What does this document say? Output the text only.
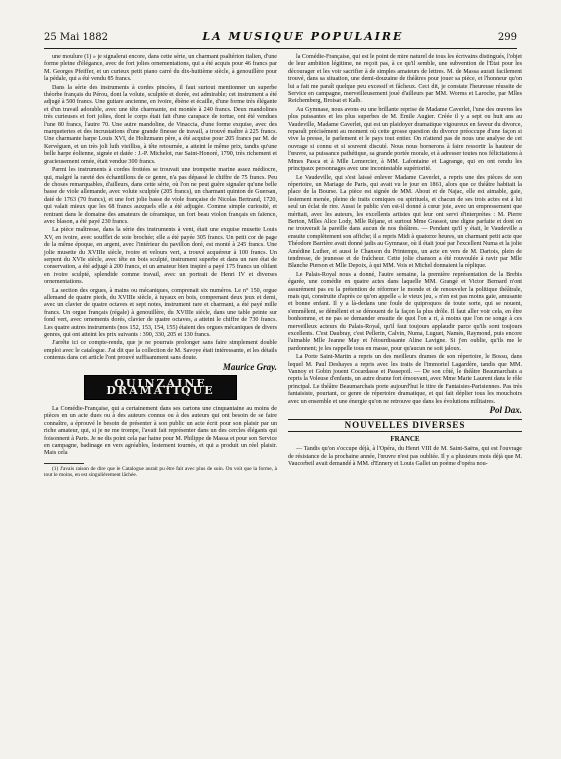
25 Mai 1882	LA MUSIQUE POPULAIRE	299

une moulure (1) » je signalerai encore, dans cette série, un charmant psaltérion italien, d'une forme pleine d'élégance, avec de fort jolies ornementations, qui a été acquis pour 46 francs par M. Georges Pfeiffer, et un curieux petit piano carré du dix-huitième siècle, à genouillère pour la pédale, qui a été vendu 85 francs.

Dans la série des instruments à cordes pincées, il faut surtout mentionner un superbe théorbe français du Pérou, dont la volute, sculptée et dorée, est admirable; cet instrument a été adjugé à 500 francs. Une guitare ancienne, en ivoire, ébène et écaille, d'une forme très élégante et d'un travail adorable, avec une tête charmante, est montée à 240 francs. Deux mandolines très curieuses et fort jolies, dont le corps était fait d'une carapace de tortue, ont été vendues l'une 80 francs, l'autre 70. Une autre mandoline, de Vinaccia, d'une forme exquise, avec des marqueteries et des incrustations d'une grande finesse de travail, a trouvé maître à 225 francs. Une charmante harpe Louis XVI, de Holtzmann père, a été acquise pour 205 francs par M. de Kervéguen, et un très joli luth vieilliss, à tête retournée, a atteint le même prix, tandis qu'une belle harpe éolienne, signée et datée : J.-P. Michelot, rue Saint-Honoré, 1790, très richement et gracieusement ornée, était vendue 300 francs.

Parmi les instruments à cordes frottées se trouvait une trompette marine assez médiocre, qui, malgré la rareté des échantillons de ce genre, n'a pas dépassé le chiffre de 75 francs. Peu de choses remarquables, d'ailleurs, dans cette série, où l'on ne peut guère signaler qu'une belle basse de viole allemande, avec volute sculptée (205 francs), un charmant quinton de Guersan, daté de 1763 (70 francs), et une fort jolie basse de viole française de Nicolas Bertrand, 1720, qui valait mieux que les 68 francs auxquels elle a été adjugée. Comme simple curiosité, et rentrant dans le domaine des amateurs de céramique, un fort beau violon français en faïence, avec blason, a été payé 230 francs.

La pièce maîtresse, dans la série des instruments à vent, était une exquise musette Louis XV, en ivoire, avec soufflet de soie brochée; elle a été payée 305 francs. Un petit cor de page de la même époque, en argent, avec l'intérieur du pavillon doré, est monté à 245 francs. Une jolie musette du XVIIIe siècle, ivoire et velours vert, a trouvé acquéreur à 100 francs. Un serpent du XVIe siècle, avec tête en bois sculpté, instrument superbe et dans un rare état de conservation, a été adjugé à 200 francs, et un amateur bien inspiré a payé 175 francs un olifant en ivoire sculpté, splendide comme travail, avec un portrait de Henri IV et diverses ornementations.

La section des orgues, à mains ou mécaniques, comprenait six numéros. Le n° 150, orgue allemand de quatre pieds, du XVIIIe siècle, à tuyaux en bois, comprenant deux jeux et demi, avec un clavier de quatre octaves et sept notes, instrument rare et charmant, a été payé mille francs. Un orgue français (régale) à genouillère, du XVIIIe siècle, dans une table peinte sur fond vert, avec ornements dorés, clavier de quatre octaves, a atteint le chiffre de 730 francs. Les quatre autres instruments (nos 152, 153, 154, 155) étaient des orgues mécaniques de divers genres, qui ont atteint les prix suivants : 390, 330, 205 et 130 francs.

J'arrête ici ce compte-rendu, que je ne pourrais prolonger sans faire simplement double emploi avec le catalogue. J'ai dit que la collection de M. Savoye était intéressante, et les détails contenus dans cet article l'ont prouvé suffisamment sans doute.

Maurice Gray.

QUINZAINE DRAMATIQUE

La Comédie-Française, qui a certainement dans ses cartons une cinquantaine au moins de pièces en un acte dues ou à des auteurs connus ou à des auteurs qui ont besoin de se faire connaître, a éprouvé le besoin de présenter à son public un acte écrit pour son plaisir par un riche amateur, qui, si je ne me trompe, l'avait fait représenter dans un des cercles élégants qui foisonnent à Paris. Je ne dis point cela par haine pour M. Philippe de Massa et pour son Service en campagne, badinage en vers agréables, lestement tournés, et qui a produit un réel plaisir. Mais cela

(1) J'avais raison de dire que le Catalogue aurait pu être fait avec plus de soin. On voit que la forme, à tout le moins, en est singulièrement lâchée.

la Comédie-Française, qui est le point de mire naturel de tous les écrivains distingués, l'objet de leur ambition légitime, ne reçoit pas, à ce qu'il semble, une subvention de l'État pour les décourager et les voir sacrifier à de simples amateurs de lettres. M. de Massa aurait facilement trouvé, dans sa situation, une demi-douzaine de théâtres pour jouer sa pièce, et l'honneur qu'on lui a fait me paraît quelque peu excessif et fâcheux. Ceci dit, je constate l'heureuse réussite de Service en campagne, merveilleusement joué d'ailleurs par MM. Worms et Laroche, par Mlles Reichemberg, Broisat et Kalb.

Au Gymnase, nous avons eu une brillante reprise de Madame Caverlet, l'une des œuvres les plus puissantes et les plus superbes de M. Émile Augier. Créée il y a sept ou huit ans au Vaudeville, Madame Caverlet, qui est un plaidoyer dramatique vigoureux en faveur du divorce, reparaît précisément au moment où cette grosse question du divorce préoccupe d'une façon si vive la presse, le parlement et le pays tout entier. On n'attend pas de nous une analyse de cet ouvrage si connu et si souvent discuté. Nous nous bornerons à faire ressortir la hauteur de l'œuvre, sa puissance pathétique, sa grande portée morale, et à adresser toutes nos félicitations à Mmes Pasca et à Mlle Lemercier, à MM. Lafontaine et Lagrange, qui en ont rendu les principaux personnages avec une incontestable supériorité.

Le Vaudeville, qui s'est laissé enlever Madame Caverlet, a repris une des pièces de son répertoire, un Mariage de Paris, qui avait vu le jour en 1861, alors que ce théâtre habitait la place de la Bourse. La pièce est signée de MM. About et de Najac, elle est aimable, gaie, lestement menée, pleine de traits comiques ou spirituels, et chacun de ses trois actes est à lui seul un éclat de rire. Aussi le public s'en est-il donné à cœur joie, avec un empressement que méritait, avec les auteurs, les excellents artistes qui leur ont servi d'interprètes : M. Pierre Berton, Mlles Alice Lody, Mlle Réjane, et surtout Mme Grassot, une digne parfaite et dont on ne trouverait la pareille dans aucun de nos théâtres. — Pendant qu'il y était, le Vaudeville a ensuite complètement son affiche; il a repris Midi à quatorze heures, un charmant petit acte que Théodore Barrière avait donné jadis au Gymnase, où il était joué par l'excellent Numa et la jolie Amédine Luther, et aussi le Chanson du Printemps, un acte en vers de M. Dartois, plein de tendresse, de jeunesse et de fraîcheur. Cette jolie chanson a été rouvoulée à ravir par Mlle Blanche Pierson et Mlle Depoix, à qui MM. Vois et Michel donnaient la réplique.

Le Palais-Royal nous a donné, l'autre semaine, la première représentation de la Brebis égarée, une comédie en quatre actes dans laquelle MM. Grangé et Victor Bernard n'ont assurément pas eu la prétention de réformer le monde et de renouveler la politique théâtrale, mais qui, construite d'après ce qu'on appelle « le vieux jeu, » n'en est pas moins gaie, amusante et bonne enfant. Il y a là-dedans une foule de quiproquos de toute sorte, qui se nouent, s'emmêlent, se démêlent et se dénouent de la façon la plus drôle. Il faut aller voir cela, en être bonhomme, et ne pas se demander ensuite de quoi l'on a ri, à moins que l'on ne songe à ces merveilleux acteurs du Palais-Royal, qu'il faut toujours applaudir parce qu'ils sont toujours excellents. C'est Daubray, c'est Pellerin, Calvin, Numa, Luguet, Namès, Raymond, puis encore l'aimable Mlle Jeanne May et l'étourdissante Aline Lavigne. Si j'en oublie, qu'ils me le pardonnent; je les rappelle tous en masse, pour qu'aucun ne soit jaloux.

La Porte Saint-Martin a repris un des meilleurs drames de son répertoire, le Bossu, dans lequel M. Paul Deshayes a repris avec les traits de l'immortel Lagardère, tandis que MM. Vannoy et Gobin jouent Cocardasse et Passepoil. — De son côté, le théâtre Beaumarchais a repris la Voleuse d'enfants, un autre drame fort émouvant, avec Mme Marie Laurent dans le rôle principal. Le théâtre Beaumarchais porte aujourd'hui le titre de Fantaisies-Parisiennes. Pas très fantaisiste, pourtant, ce genre de répertoire dramatique, et qui fait déplier tous les mouchoirs avec un ensemble et une énergie qu'on ne retrouve que dans les évolutions militaires.

Pol Dax.

NOUVELLES DIVERSES
FRANCE

— Tandis qu'on s'occupe déjà, à l'Opéra, du Henri VIII de M. Saint-Saëns, qui est l'ouvrage de résistance de la prochaine année, l'œuvre n'est pas oubliée. Il y a plusieurs mois déjà que M. Vaucorbeil avait demandé à MM. d'Ennery et Louis Gallet un poème d'opéra nou-
